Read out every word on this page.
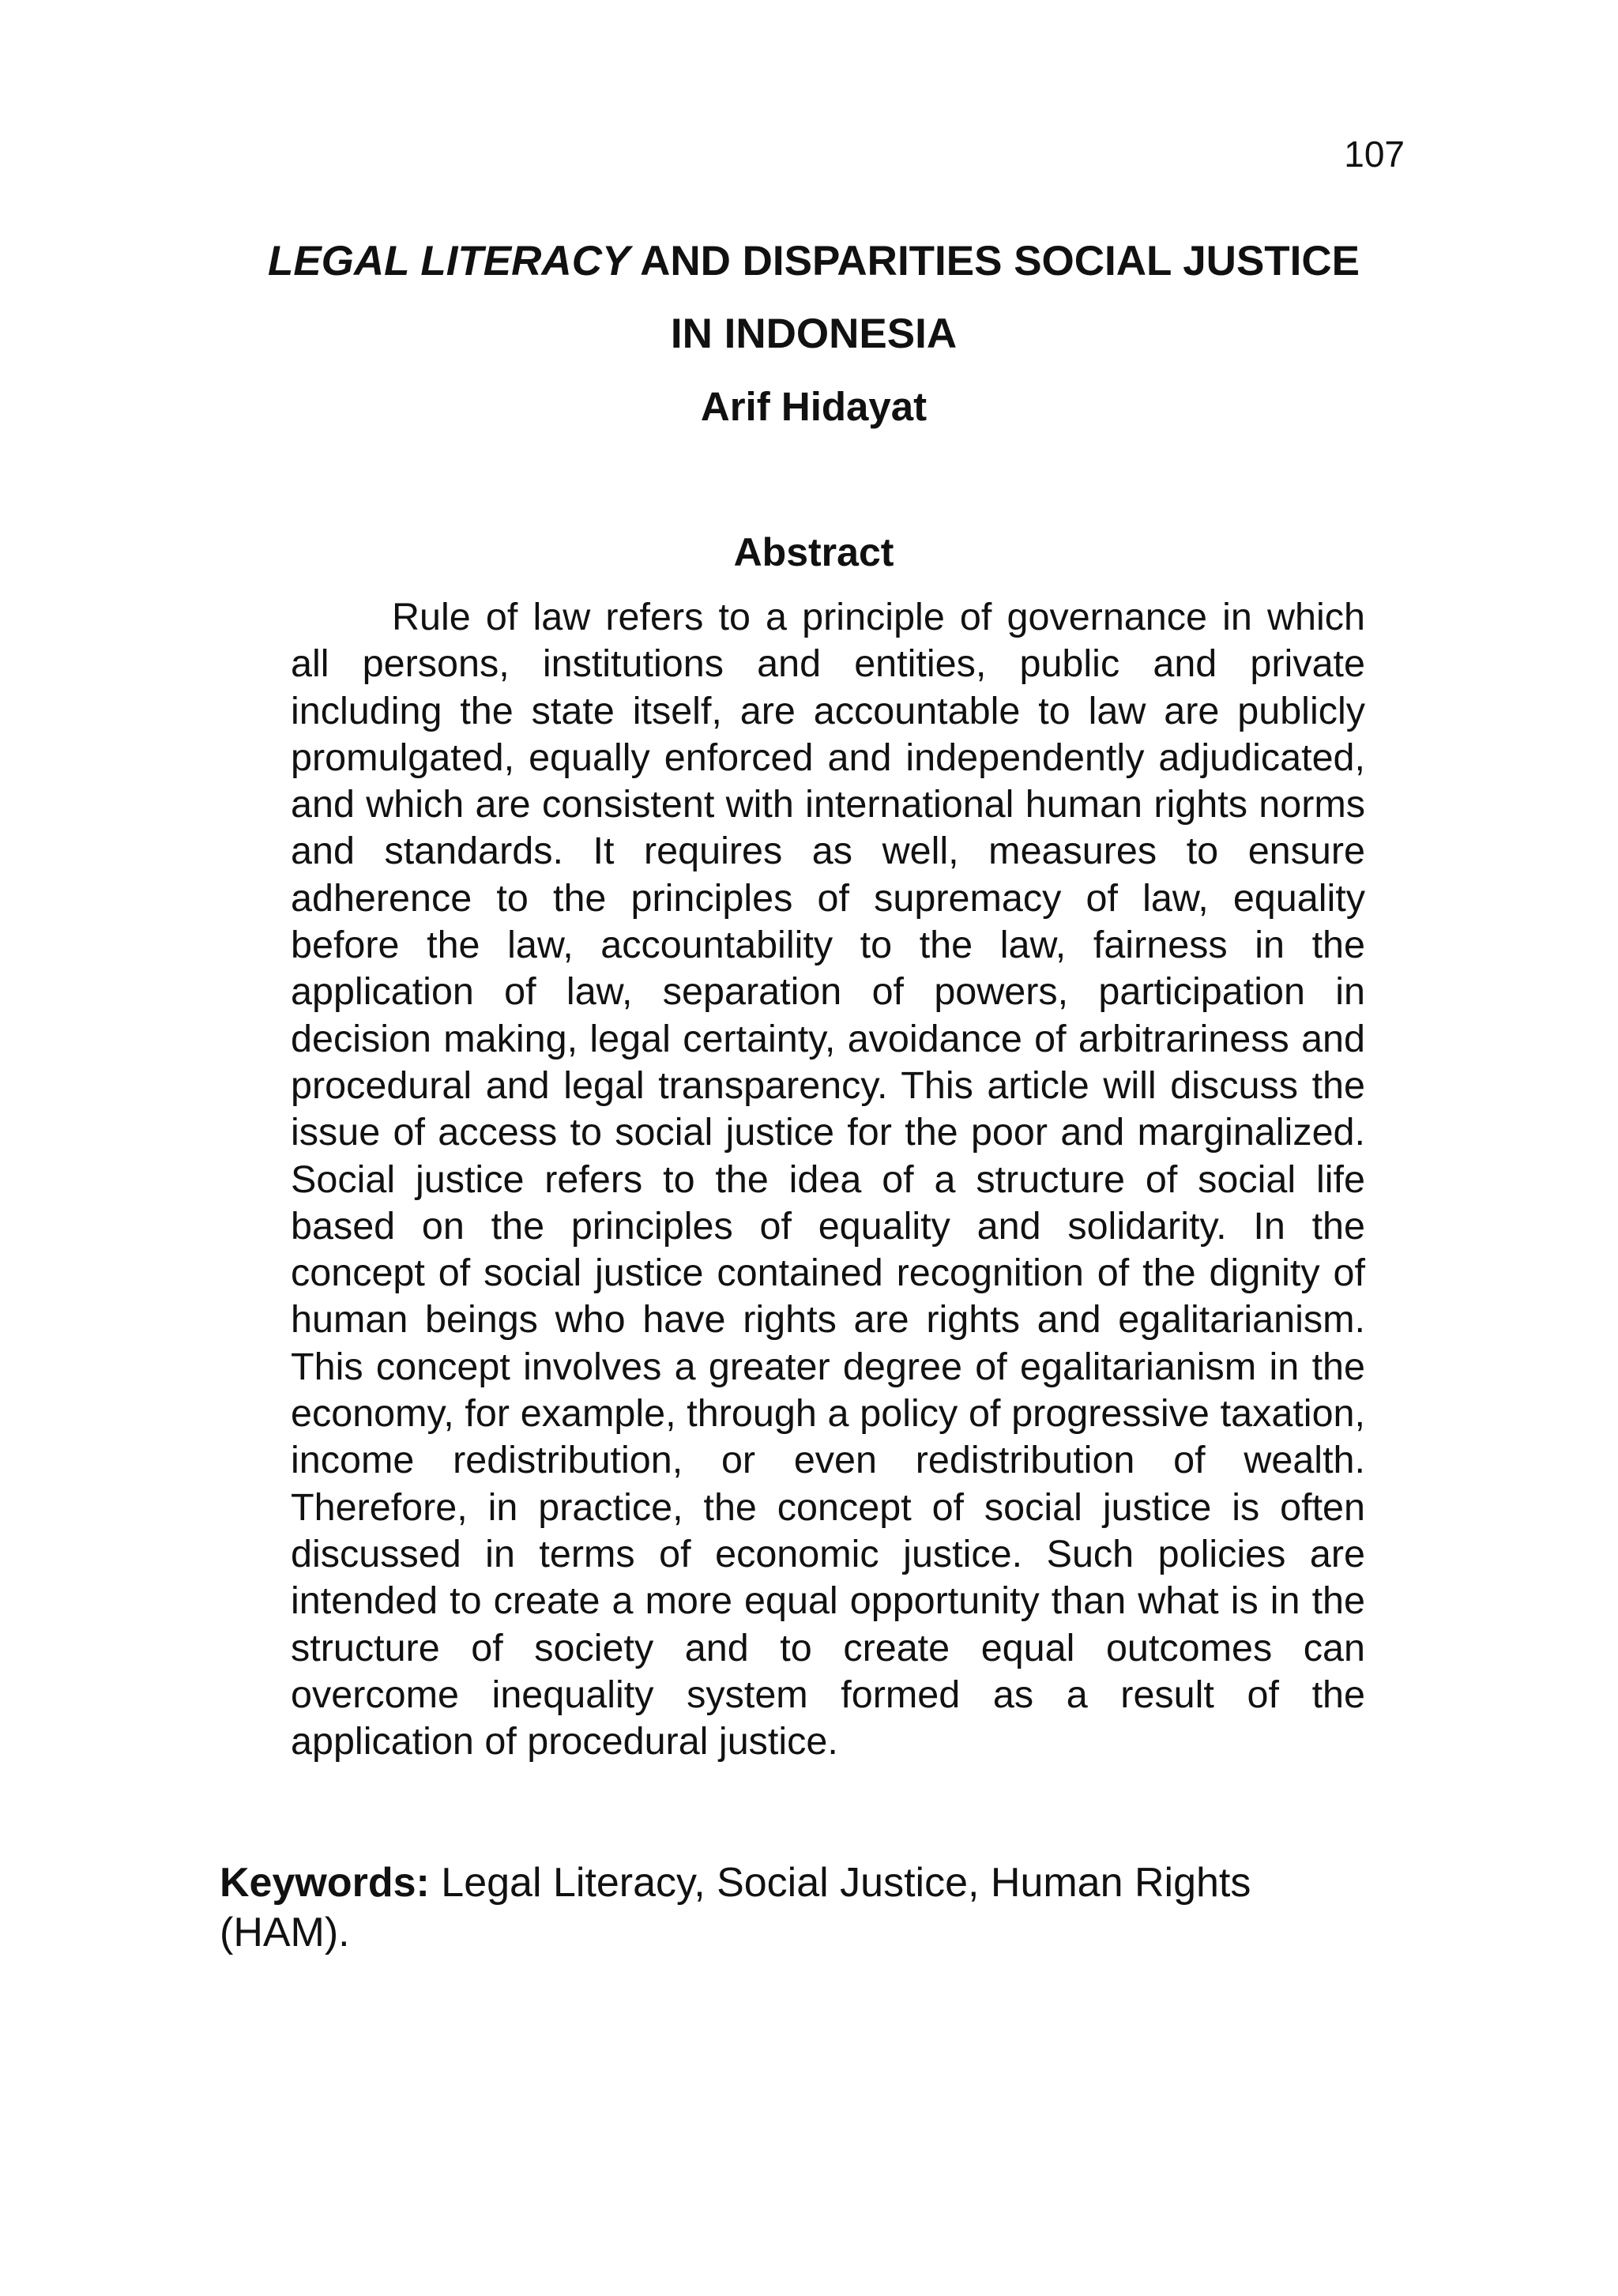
107
LEGAL LITERACY AND DISPARITIES SOCIAL JUSTICE
IN INDONESIA
Arif Hidayat
Abstract

Rule of law refers to a principle of governance in which all persons, institutions and entities, public and private including the state itself, are accountable to law are publicly promulgated, equally enforced and independently adjudicated, and which are consistent with international human rights norms and standards. It requires as well, measures to ensure adherence to the principles of supremacy of law, equality before the law, accountability to the law, fairness in the application of law, separation of powers, participation in decision making, legal certainty, avoidance of arbitrariness and procedural and legal transparency. This article will discuss the issue of access to social justice for the poor and marginalized. Social justice refers to the idea of a structure of social life based on the principles of equality and solidarity. In the concept of social justice contained recognition of the dignity of human beings who have rights are rights and egalitarianism. This concept involves a greater degree of egalitarianism in the economy, for example, through a policy of progressive taxation, income redistribution, or even redistribution of wealth. Therefore, in practice, the concept of social justice is often discussed in terms of economic justice. Such policies are intended to create a more equal opportunity than what is in the structure of society and to create equal outcomes can overcome inequality system formed as a result of the application of procedural justice.

Keywords: Legal Literacy, Social Justice, Human Rights (HAM).
